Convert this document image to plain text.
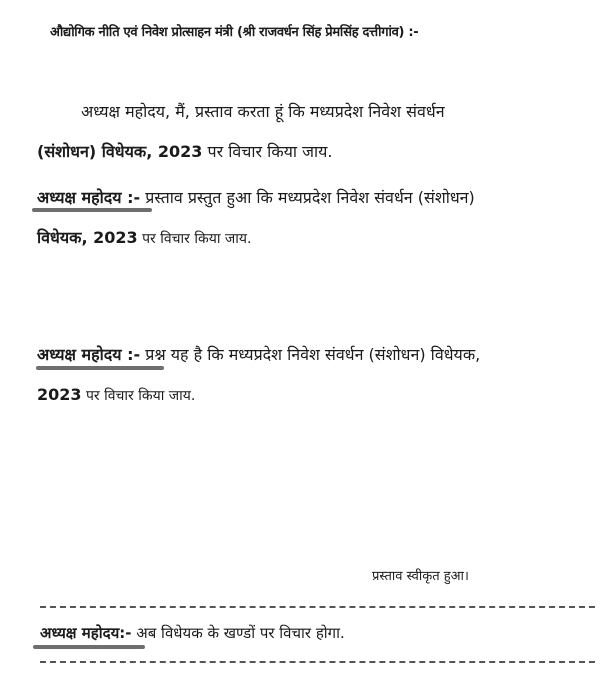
औद्योगिक नीति एवं निवेश प्रोत्साहन मंत्री (श्री राजवर्धन सिंह प्रेमसिंह दत्तीगांव) :-
अध्यक्ष महोदय, मैं, प्रस्ताव करता हूं कि मध्यप्रदेश निवेश संवर्धन
(संशोधन) विधेयक, 2023 पर विचार किया जाय.
अध्यक्ष महोदय :- प्रस्ताव प्रस्तुत हुआ कि मध्यप्रदेश निवेश संवर्धन (संशोधन)
विधेयक, 2023 पर विचार किया जाय.
अध्यक्ष महोदय :- प्रश्न यह है कि मध्यप्रदेश निवेश संवर्धन (संशोधन) विधेयक,
2023 पर विचार किया जाय.
प्रस्ताव स्वीकृत हुआ।
अध्यक्ष महोदय:- अब विधेयक के खण्डों पर विचार होगा.
